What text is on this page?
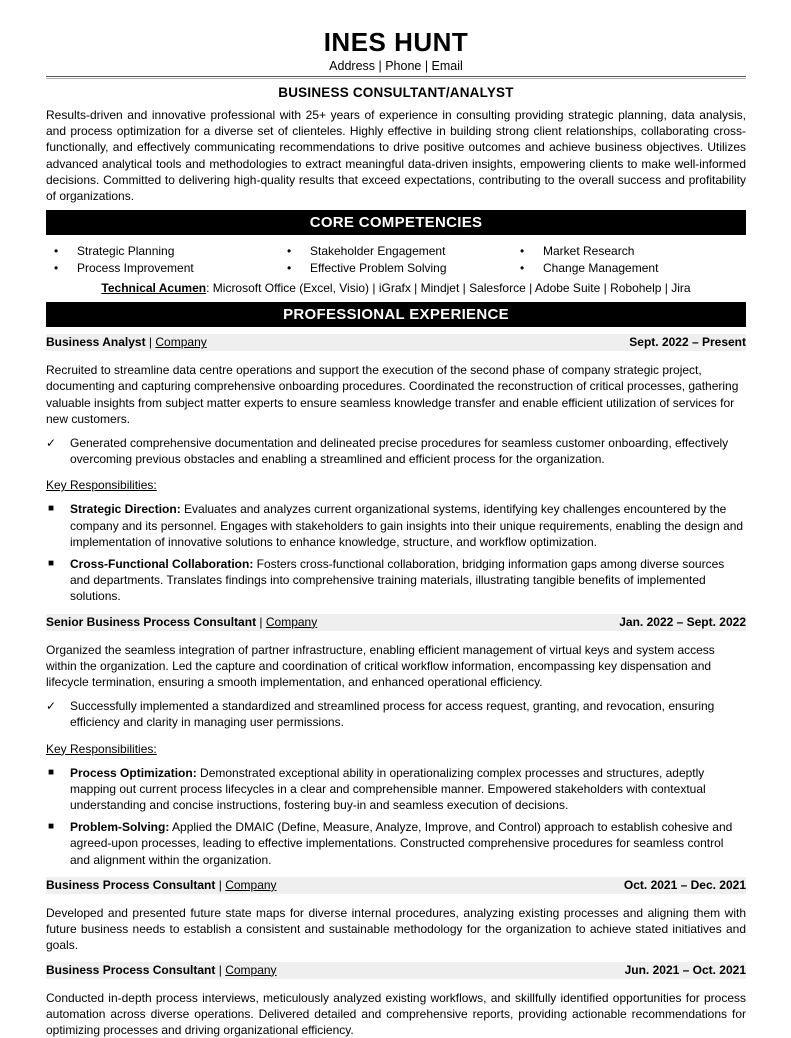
INES HUNT
Address | Phone | Email
BUSINESS CONSULTANT/ANALYST
Results-driven and innovative professional with 25+ years of experience in consulting providing strategic planning, data analysis, and process optimization for a diverse set of clienteles. Highly effective in building strong client relationships, collaborating cross-functionally, and effectively communicating recommendations to drive positive outcomes and achieve business objectives. Utilizes advanced analytical tools and methodologies to extract meaningful data-driven insights, empowering clients to make well-informed decisions. Committed to delivering high-quality results that exceed expectations, contributing to the overall success and profitability of organizations.
CORE COMPETENCIES
• Strategic Planning	• Stakeholder Engagement	• Market Research
• Process Improvement	• Effective Problem Solving	• Change Management
Technical Acumen: Microsoft Office (Excel, Visio) | iGrafx | Mindjet | Salesforce | Adobe Suite | Robohelp | Jira
PROFESSIONAL EXPERIENCE
Business Analyst | Company	Sept. 2022 – Present
Recruited to streamline data centre operations and support the execution of the second phase of company strategic project, documenting and capturing comprehensive onboarding procedures. Coordinated the reconstruction of critical processes, gathering valuable insights from subject matter experts to ensure seamless knowledge transfer and enable efficient utilization of services for new customers.
✓ Generated comprehensive documentation and delineated precise procedures for seamless customer onboarding, effectively overcoming previous obstacles and enabling a streamlined and efficient process for the organization.
Key Responsibilities:
■ Strategic Direction: Evaluates and analyzes current organizational systems, identifying key challenges encountered by the company and its personnel. Engages with stakeholders to gain insights into their unique requirements, enabling the design and implementation of innovative solutions to enhance knowledge, structure, and workflow optimization.
■ Cross-Functional Collaboration: Fosters cross-functional collaboration, bridging information gaps among diverse sources and departments. Translates findings into comprehensive training materials, illustrating tangible benefits of implemented solutions.
Senior Business Process Consultant | Company	Jan. 2022 – Sept. 2022
Organized the seamless integration of partner infrastructure, enabling efficient management of virtual keys and system access within the organization. Led the capture and coordination of critical workflow information, encompassing key dispensation and lifecycle termination, ensuring a smooth implementation, and enhanced operational efficiency.
✓ Successfully implemented a standardized and streamlined process for access request, granting, and revocation, ensuring efficiency and clarity in managing user permissions.
Key Responsibilities:
■ Process Optimization: Demonstrated exceptional ability in operationalizing complex processes and structures, adeptly mapping out current process lifecycles in a clear and comprehensible manner. Empowered stakeholders with contextual understanding and concise instructions, fostering buy-in and seamless execution of decisions.
■ Problem-Solving: Applied the DMAIC (Define, Measure, Analyze, Improve, and Control) approach to establish cohesive and agreed-upon processes, leading to effective implementations. Constructed comprehensive procedures for seamless control and alignment within the organization.
Business Process Consultant | Company	Oct. 2021 – Dec. 2021
Developed and presented future state maps for diverse internal procedures, analyzing existing processes and aligning them with future business needs to establish a consistent and sustainable methodology for the organization to achieve stated initiatives and goals.
Business Process Consultant | Company	Jun. 2021 – Oct. 2021
Conducted in-depth process interviews, meticulously analyzed existing workflows, and skillfully identified opportunities for process automation across diverse operations. Delivered detailed and comprehensive reports, providing actionable recommendations for optimizing processes and driving organizational efficiency.
